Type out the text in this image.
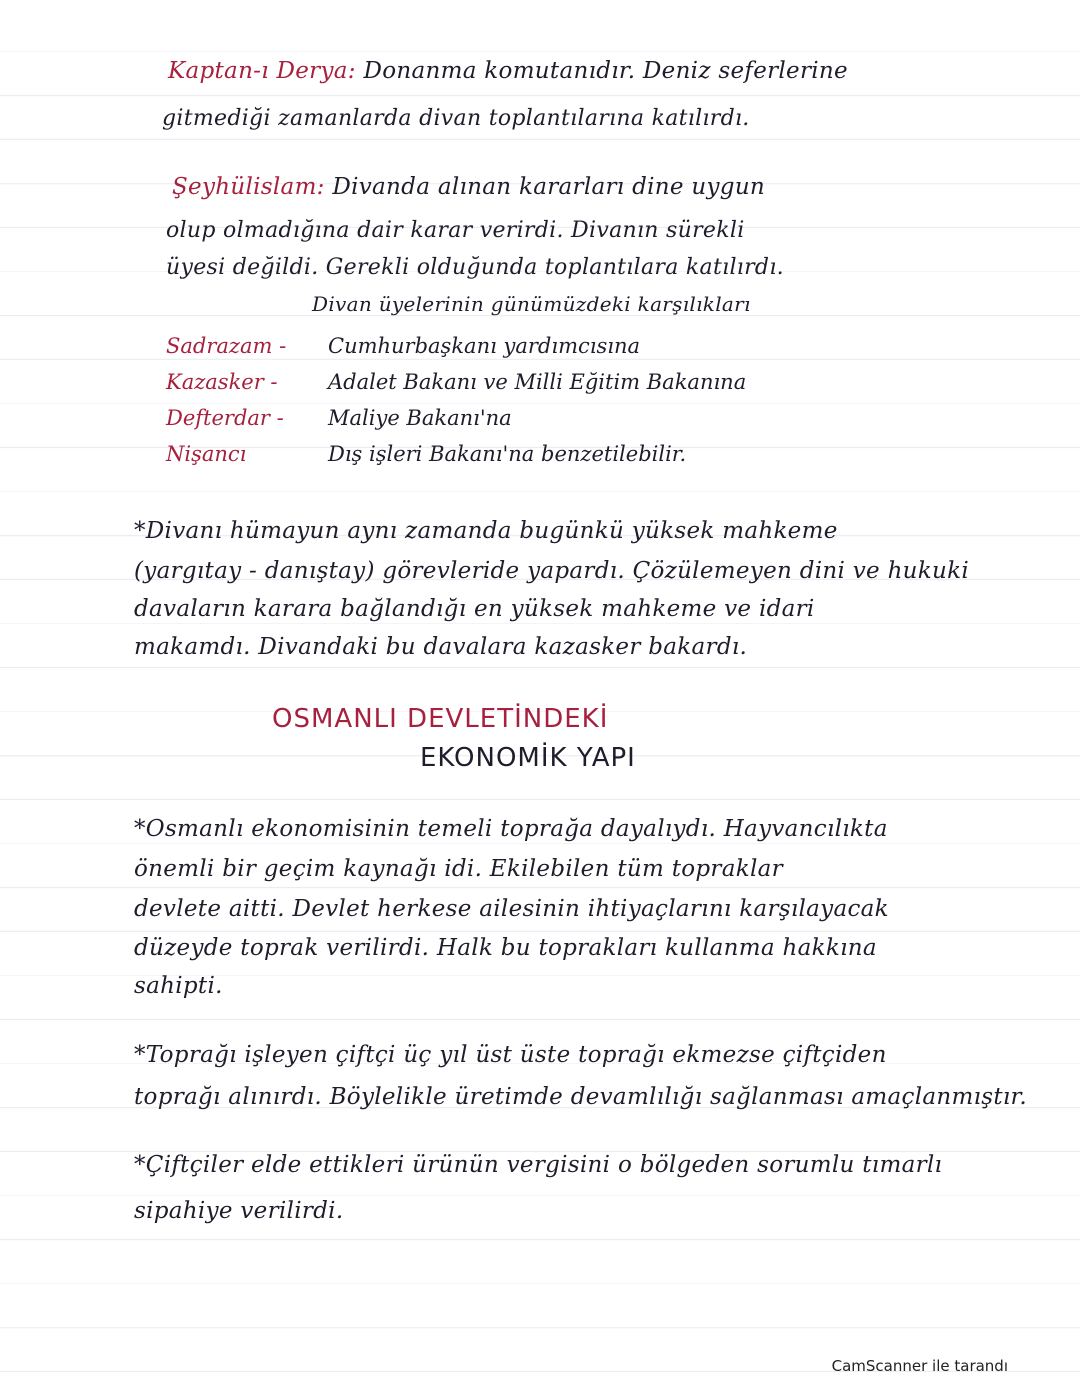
Kaptan-ı Derya: Donanma komutanıdır. Deniz seferlerine
gitmediği zamanlarda divan toplantılarına katılırdı.
Şeyhülislam: Divanda alınan kararları dine uygun
olup olmadığına dair karar verirdi. Divanın sürekli
üyesi değildi. Gerekli olduğunda toplantılara katılırdı.
Divan üyelerinin günümüzdeki karşılıkları
Sadrazam - Cumhurbaşkanı yardımcısına
Kazasker - Adalet Bakanı ve Milli Eğitim Bakanına
Defterdar - Maliye Bakanı'na
Nişancı	Dış işleri Bakanı'na benzetilebilir.
*Divanı hümayun aynı zamanda bugünkü yüksek mahkeme
(yargıtay - danıştay) görevleride yapardı. Çözülemeyen dini ve hukuki
davaların karara bağlandığı en yüksek mahkeme ve idari
makamdı. Divandaki bu davalara kazasker bakardı.
OSMANLI DEVLETİNDEKİ
EKONOMİK YAPI
*Osmanlı ekonomisinin temeli toprağa dayalıydı. Hayvancılıkta
önemli bir geçim kaynağı idi. Ekilebilen tüm topraklar
devlete aitti. Devlet herkese ailesinin ihtiyaçlarını karşılayacak
düzeyde toprak verilirdi. Halk bu toprakları kullanma hakkına
sahipti.
*Toprağı işleyen çiftçi üç yıl üst üste toprağı ekmezse çiftçiden
toprağı alınırdı. Böylelikle üretimde devamlılığı sağlanması amaçlanmıştır.
*Çiftçiler elde ettikleri ürünün vergisini o bölgeden sorumlu tımarlı
sipahiye verilirdi.
CamScanner ile tarandı
